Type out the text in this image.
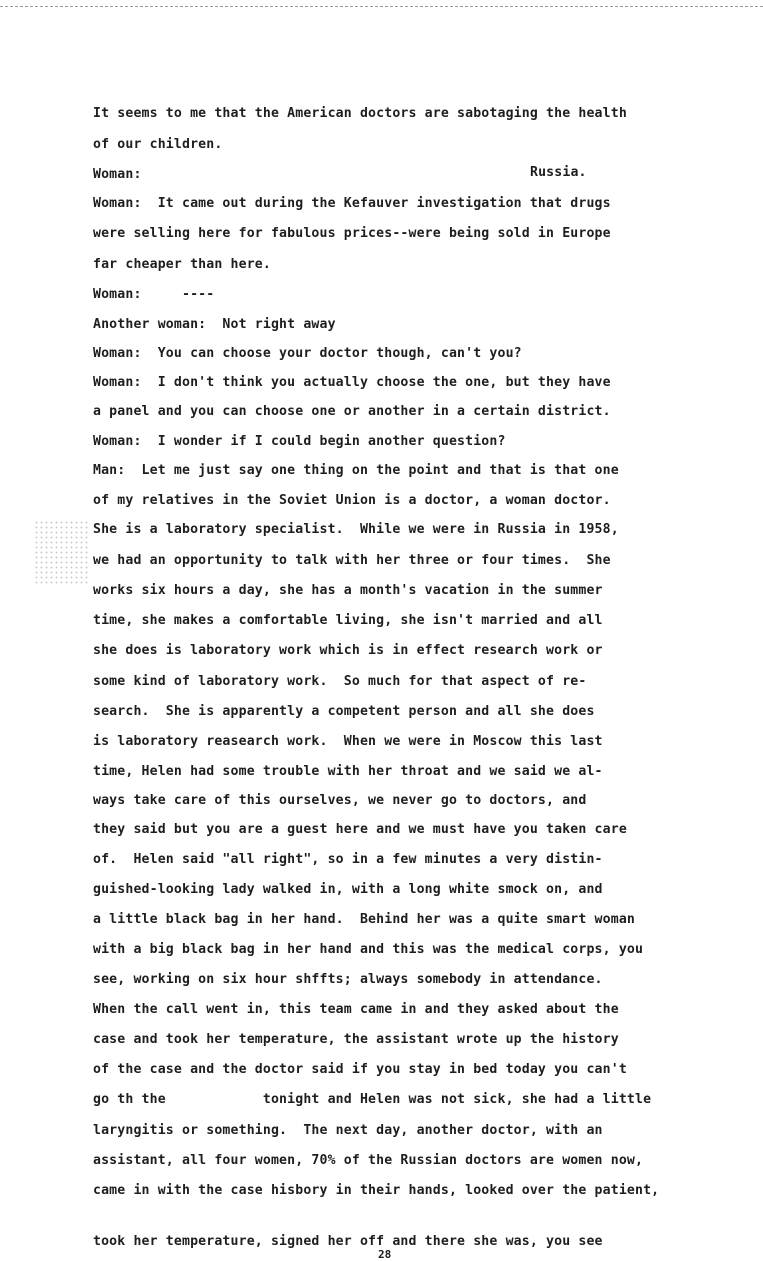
It seems to me that the American doctors are sabotaging the health
of our children.
Woman:	Russia.
Woman:  It came out during the Kefauver investigation that drugs
were selling here for fabulous prices--were being sold in Europe
far cheaper than here.
Woman:     ----
Another woman:  Not right away
Woman:  You can choose your doctor though, can't you?
Woman:  I don't think you actually choose the one, but they have
a panel and you can choose one or another in a certain district.
Woman:  I wonder if I could begin another question?
Man:  Let me just say one thing on the point and that is that one
of my relatives in the Soviet Union is a doctor, a woman doctor.
She is a laboratory specialist.  While we were in Russia in 1958,
we had an opportunity to talk with her three or four times.  She
works six hours a day, she has a month's vacation in the summer
time, she makes a comfortable living, she isn't married and all
she does is laboratory work which is in effect research work or
some kind of laboratory work.  So much for that aspect of re-
search.  She is apparently a competent person and all she does
is laboratory reasearch work.  When we were in Moscow this last
time, Helen had some trouble with her throat and we said we al-
ways take care of this ourselves, we never go to doctors, and
they said but you are a guest here and we must have you taken care
of.  Helen said "all right", so in a few minutes a very distin-
guished-looking lady walked in, with a long white smock on, and
a little black bag in her hand.  Behind her was a quite smart woman
with a big black bag in her hand and this was the medical corps, you
see, working on six hour shffts; always somebody in attendance.
When the call went in, this team came in and they asked about the
case and took her temperature, the assistant wrote up the history
of the case and the doctor said if you stay in bed today you can't
go th the            tonight and Helen was not sick, she had a little
laryngitis or something.  The next day, another doctor, with an
assistant, all four women, 70% of the Russian doctors are women now,
came in with the case hisbory in their hands, looked over the patient,
took her temperature, signed her off and there she was, you see
28
